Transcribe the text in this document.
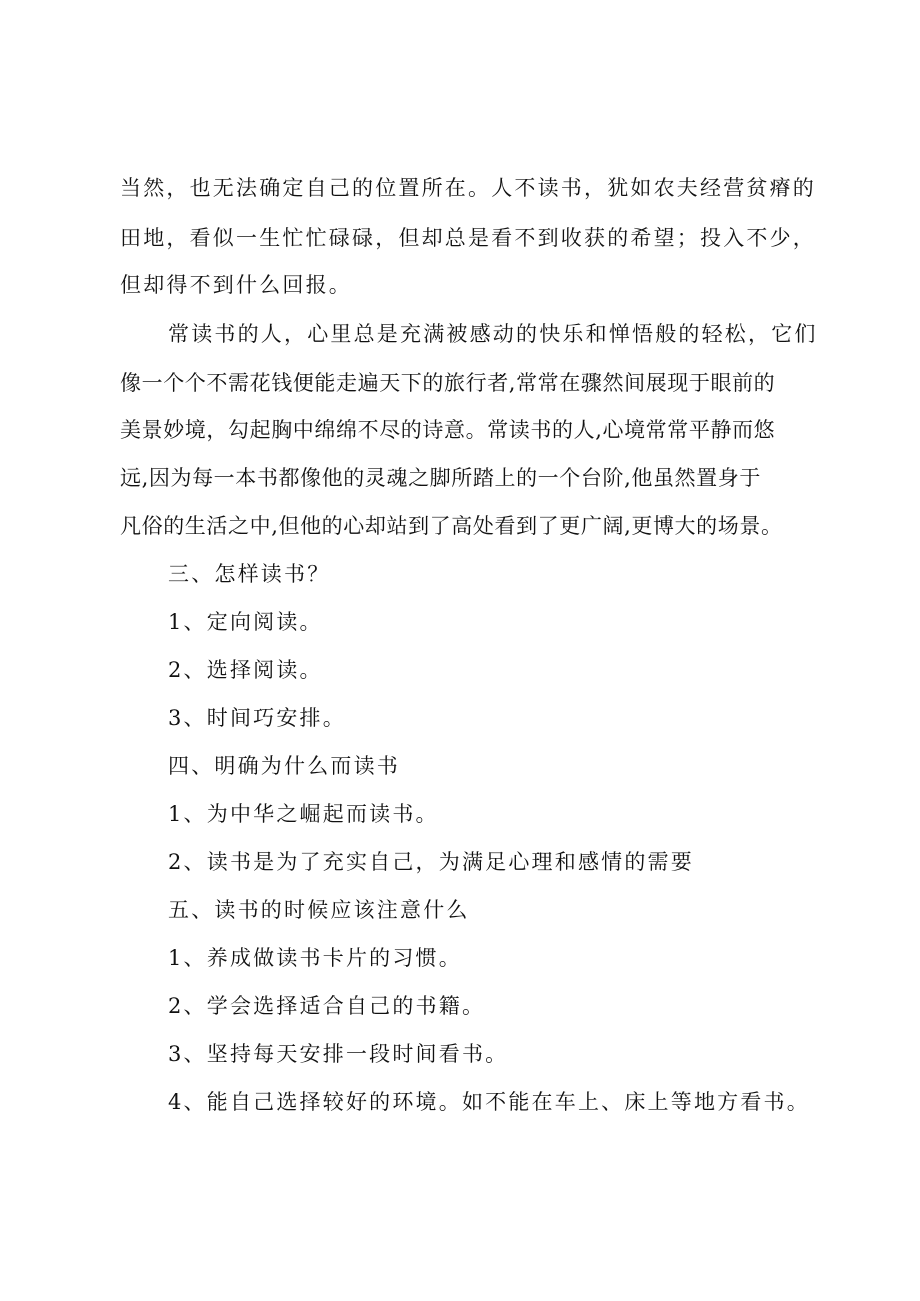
当然，也无法确定自己的位置所在。人不读书，犹如农夫经营贫瘠的
田地，看似一生忙忙碌碌，但却总是看不到收获的希望；投入不少，
但却得不到什么回报。
常读书的人，心里总是充满被感动的快乐和惮悟般的轻松，它们
像一个个不需花钱便能走遍天下的旅行者,常常在骤然间展现于眼前的
美景妙境，勾起胸中绵绵不尽的诗意。常读书的人,心境常常平静而悠
远,因为每一本书都像他的灵魂之脚所踏上的一个台阶,他虽然置身于
凡俗的生活之中,但他的心却站到了高处看到了更广阔,更博大的场景。
三、怎样读书？
1、定向阅读。
2、选择阅读。
3、时间巧安排。
四、明确为什么而读书
1、为中华之崛起而读书。
2、读书是为了充实自己，为满足心理和感情的需要
五、读书的时候应该注意什么
1、养成做读书卡片的习惯。
2、学会选择适合自己的书籍。
3、坚持每天安排一段时间看书。
4、能自己选择较好的环境。如不能在车上、床上等地方看书。
